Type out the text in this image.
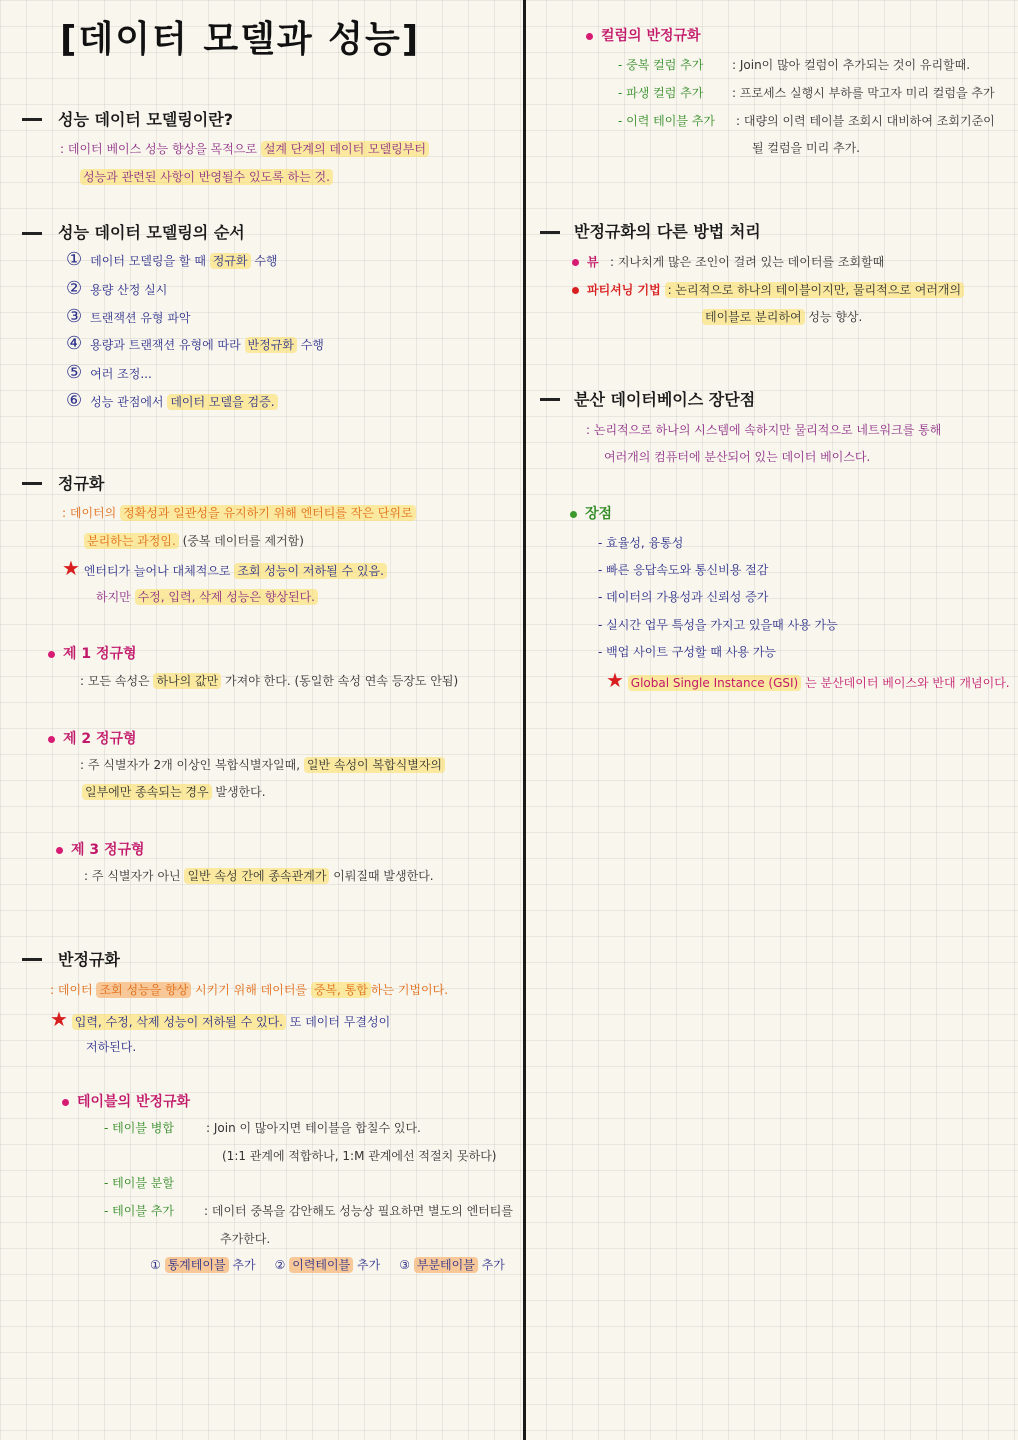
[데이터 모델과 성능]
성능 데이터 모델링이란?
: 데이터 베이스 성능 향상을 목적으로 설계 단계의 데이터 모델링부터
성능과 관련된 사항이 반영될수 있도록 하는 것.
성능 데이터 모델링의 순서
① 데이터 모델링을 할 때 정규화 수행
② 용량 산정 실시
③ 트랜잭션 유형 파악
④ 용량과 트랜잭션 유형에 따라 반정규화 수행
⑤ 여러 조정...
⑥ 성능 관점에서 데이터 모델을 검증.
정규화
: 데이터의 정확성과 일관성을 유지하기 위해 엔터티를 작은 단위로
분리하는 과정임. (중복 데이터를 제거함)
★ 엔터티가 늘어나 대체적으로 조회 성능이 저하될 수 있음.
하지만 수정, 입력, 삭제 성능은 향상된다.
제 1 정규형
: 모든 속성은 하나의 값만 가져야 한다. (동일한 속성 연속 등장도 안됨)
제 2 정규형
: 주 식별자가 2개 이상인 복합식별자일때, 일반 속성이 복합식별자의
일부에만 종속되는 경우 발생한다.
제 3 정규형
: 주 식별자가 아닌 일반 속성 간에 종속관계가 이뤄질때 발생한다.
반정규화
: 데이터 조회 성능을 향상 시키기 위해 데이터를 중복, 통합 하는 기법이다.
★ 입력, 수정, 삭제 성능이 저하될 수 있다. 또 데이터 무결성이
저하된다.
테이블의 반정규화
- 테이블 병합	: Join 이 많아지면 테이블을 합칠수 있다.
(1:1 관계에 적합하나, 1:M 관계에선 적절치 못하다)
- 테이블 분할
- 테이블 추가	: 데이터 중복을 감안해도 성능상 필요하면 별도의 엔터티를
추가한다.
① 통계테이블 추가 ② 이력테이블 추가 ③ 부분테이블 추가
컬럼의 반정규화
- 중복 컬럼 추가 : Join이 많아 컬럼이 추가되는 것이 유리할때.
- 파생 컬럼 추가 : 프로세스 실행시 부하를 막고자 미리 컬럼을 추가
- 이력 테이블 추가 : 대량의 이력 테이블 조회시 대비하여 조회기준이
될 컬럼을 미리 추가.
반정규화의 다른 방법 처리
뷰 : 지나치게 많은 조인이 걸려 있는 데이터를 조회할때
파티셔닝 기법 : 논리적으로 하나의 테이블이지만, 물리적으로 여러개의
테이블로 분리하여 성능 향상.
분산 데이터베이스 장단점
: 논리적으로 하나의 시스템에 속하지만 물리적으로 네트워크를 통해
여러개의 컴퓨터에 분산되어 있는 데이터 베이스다.
장점
- 효율성, 융통성
- 빠른 응답속도와 통신비용 절감
- 데이터의 가용성과 신뢰성 증가
- 실시간 업무 특성을 가지고 있을때 사용 가능
- 백업 사이트 구성할 때 사용 가능
★ Global Single Instance (GSI) 는 분산데이터 베이스와 반대 개념이다.
